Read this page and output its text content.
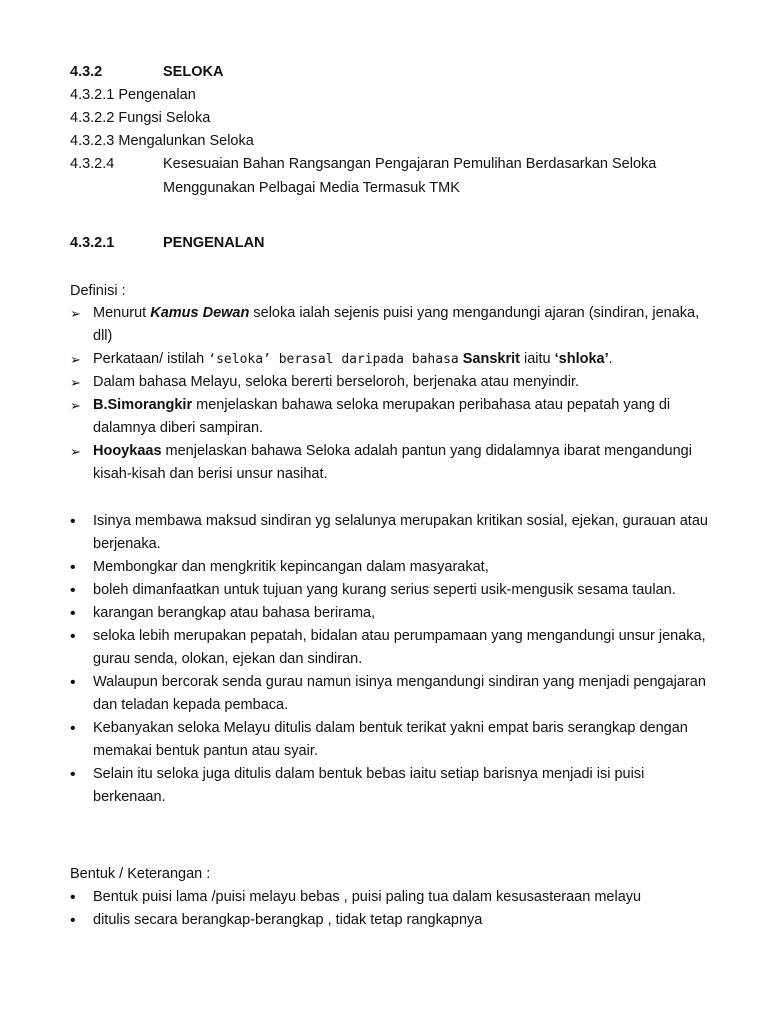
4.3.2	SELOKA
4.3.2.1 Pengenalan
4.3.2.2 Fungsi Seloka
4.3.2.3 Mengalunkan Seloka
4.3.2.4	Kesesuaian Bahan Rangsangan Pengajaran Pemulihan Berdasarkan Seloka
Menggunakan Pelbagai Media Termasuk TMK
4.3.2.1	PENGENALAN
Definisi :
➢ Menurut Kamus Dewan seloka ialah sejenis puisi yang mengandungi ajaran (sindiran, jenaka, dll)
➢ Perkataan/ istilah ‘seloka’ berasal daripada bahasa Sanskrit iaitu ‘shloka’.
➢ Dalam bahasa Melayu, seloka bererti berseloroh, berjenaka atau menyindir.
➢ B.Simorangkir menjelaskan bahawa seloka merupakan peribahasa atau pepatah yang di dalamnya diberi sampiran.
➢ Hooykaas menjelaskan bahawa Seloka adalah pantun yang didalamnya ibarat mengandungi kisah-kisah dan berisi unsur nasihat.
•	Isinya membawa maksud sindiran yg selalunya merupakan kritikan sosial, ejekan, gurauan atau berjenaka.
•	Membongkar dan mengkritik kepincangan dalam masyarakat,
•	boleh dimanfaatkan untuk tujuan yang kurang serius seperti usik-mengusik sesama taulan.
•	karangan berangkap atau bahasa berirama,
•	seloka lebih merupakan pepatah, bidalan atau perumpamaan yang mengandungi unsur jenaka, gurau senda, olokan, ejekan dan sindiran.
•	Walaupun bercorak senda gurau namun isinya mengandungi sindiran yang menjadi pengajaran dan teladan kepada pembaca.
•	Kebanyakan seloka Melayu ditulis dalam bentuk terikat yakni empat baris serangkap dengan memakai bentuk pantun atau syair.
•	Selain itu seloka juga ditulis dalam bentuk bebas iaitu setiap barisnya menjadi isi puisi berkenaan.
Bentuk / Keterangan :
•	Bentuk puisi lama /puisi melayu bebas , puisi paling tua dalam kesusasteraan melayu
•	ditulis secara berangkap-berangkap , tidak tetap rangkapnya
